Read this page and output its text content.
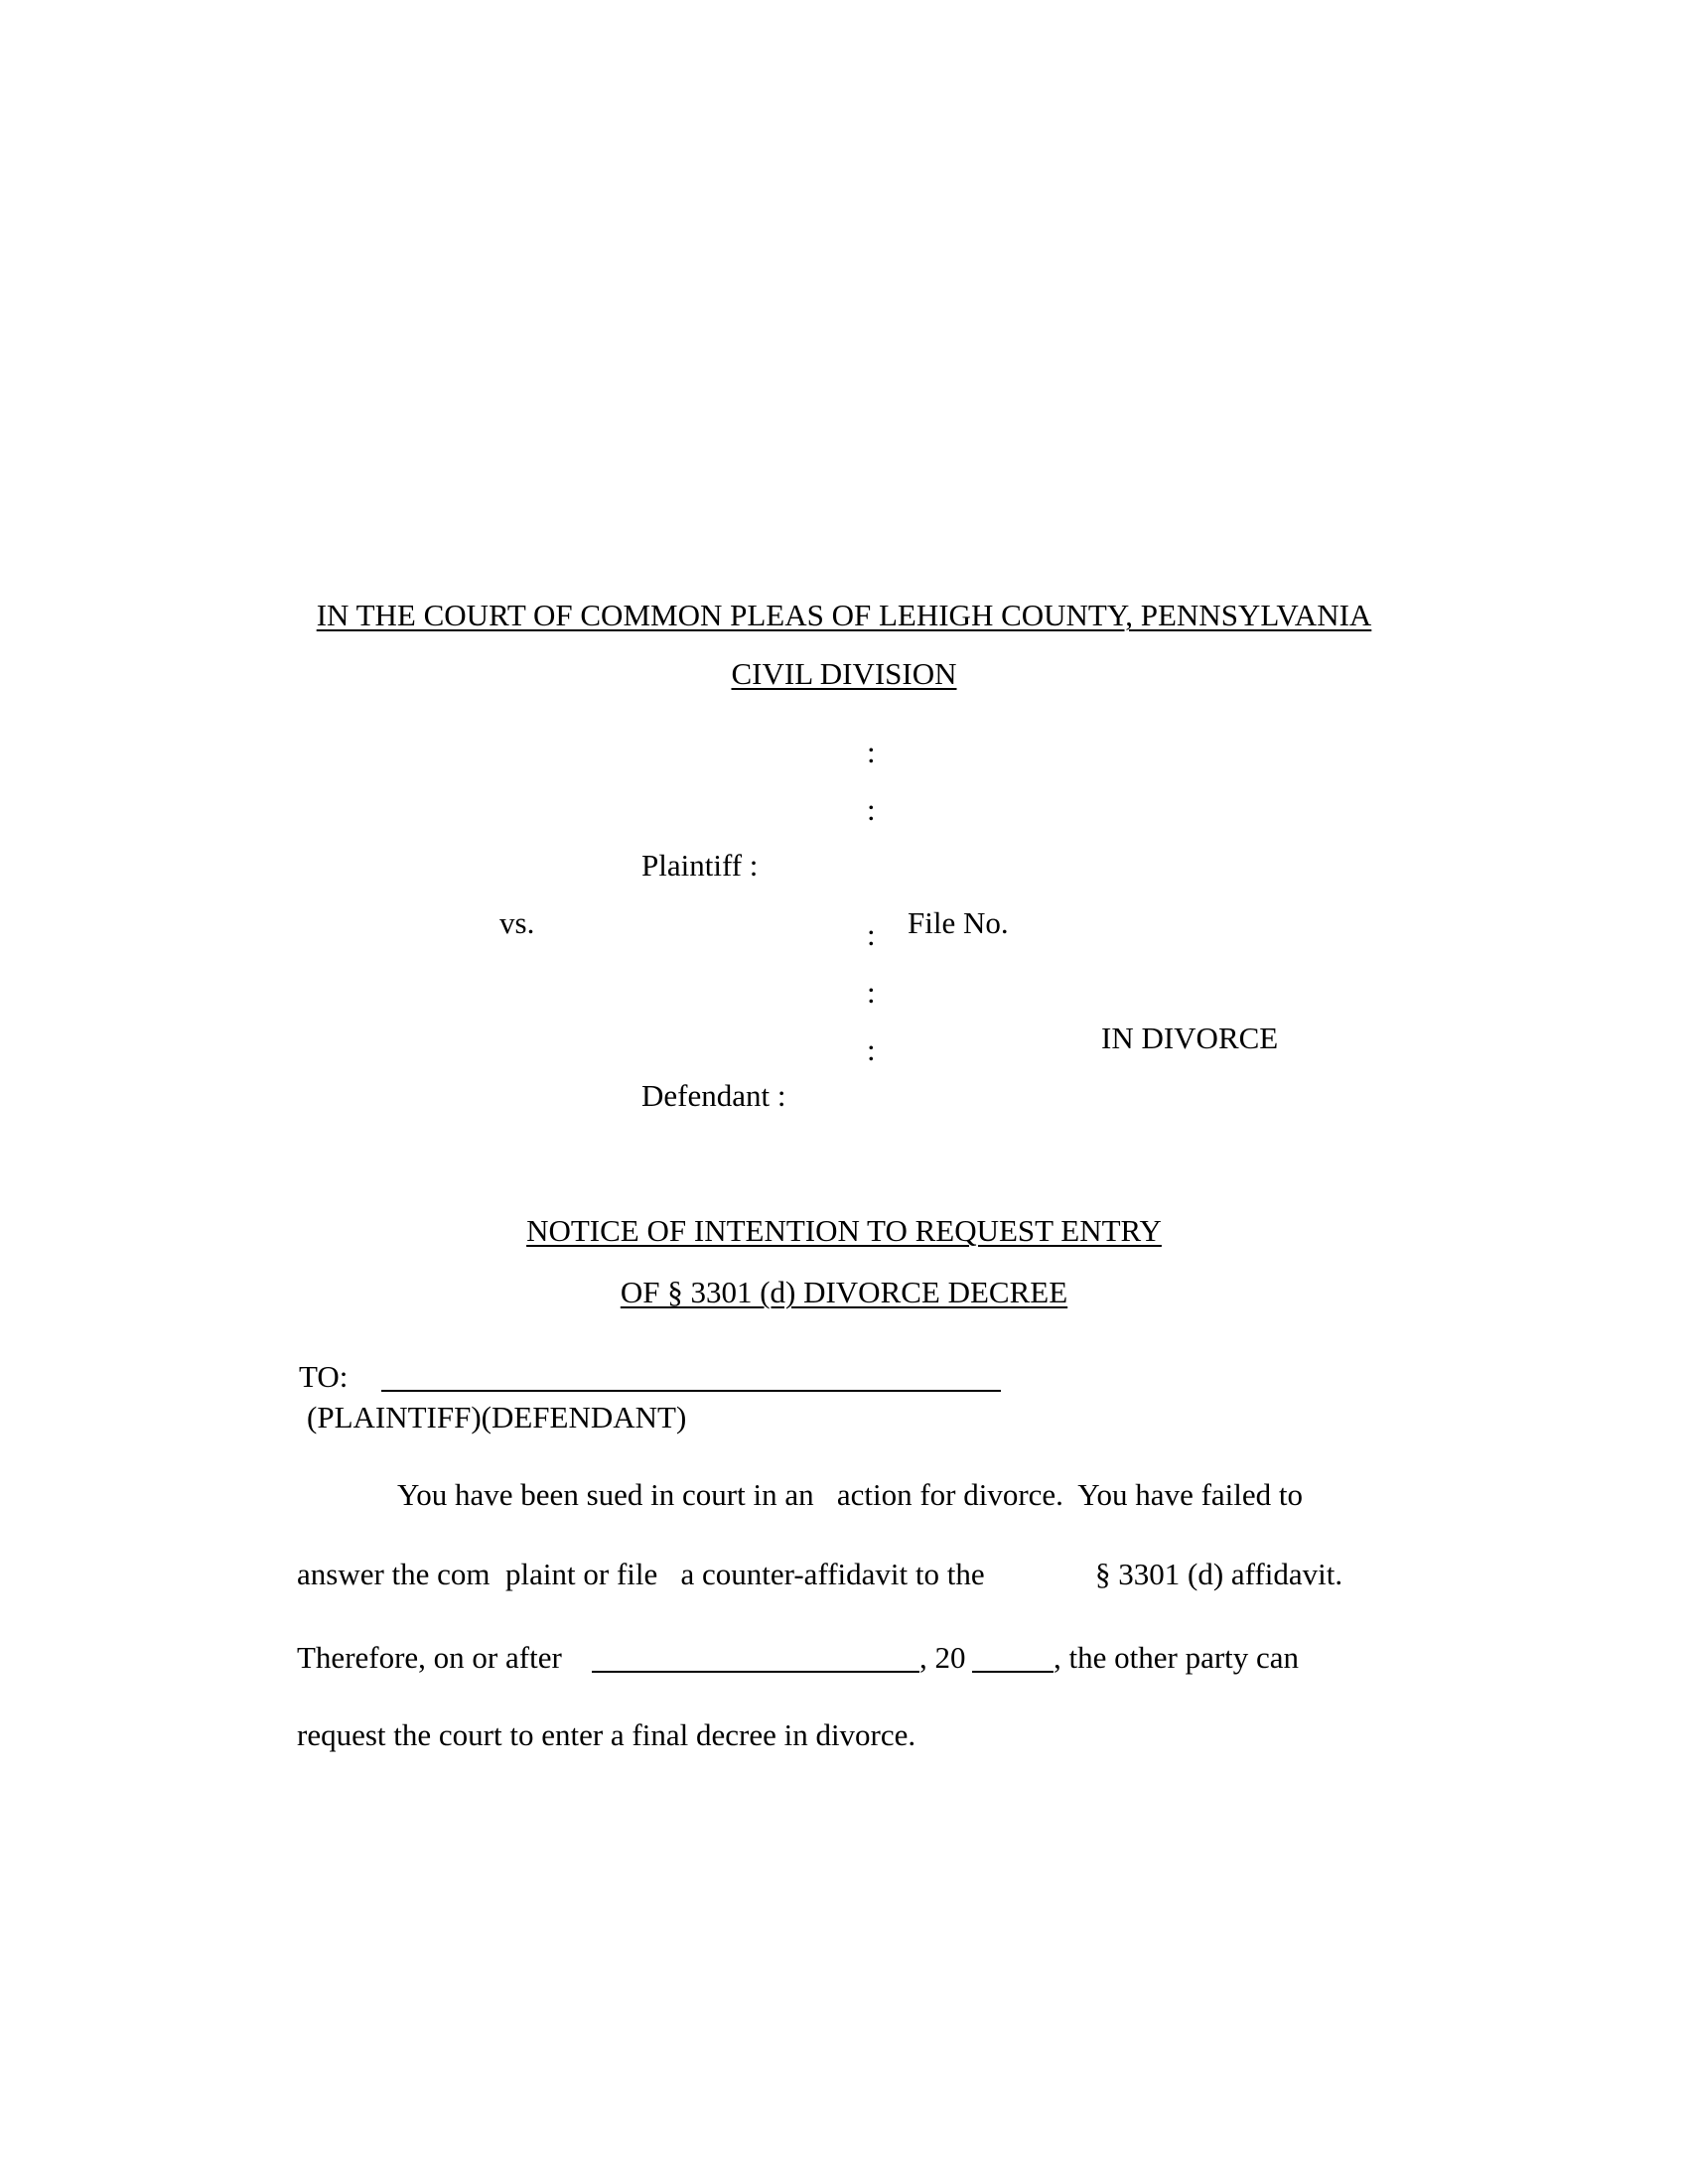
IN THE COURT OF COMMON PLEAS OF LEHIGH COUNTY, PENNSYLVANIA
CIVIL DIVISION
:
:
:
:
:
Plaintiff :
vs.	File No.
IN DIVORCE
Defendant :
NOTICE OF INTENTION TO REQUEST ENTRY
OF § 3301 (d) DIVORCE DECREE
TO:
(PLAINTIFF)(DEFENDANT)
You have been sued in court in an   action for divorce.  You have failed to
answer the com  plaint or file   a counter-affidavit to the	§ 3301 (d) affidavit.
Therefore, on or after	, 20	, the other party can
request the court to enter a final decree in divorce.
